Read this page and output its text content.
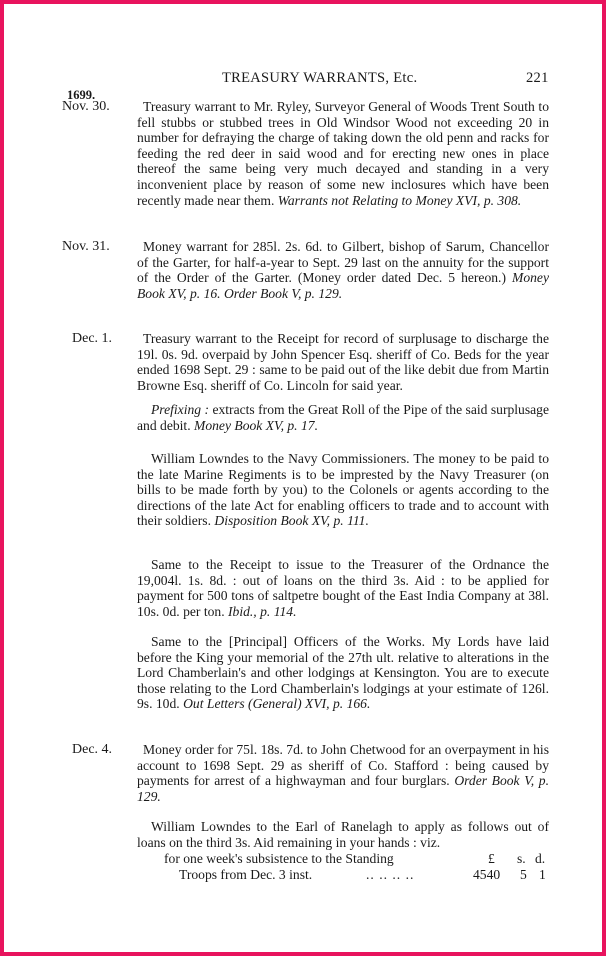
TREASURY WARRANTS, Etc.	221
1699.
Nov. 30.	Treasury warrant to Mr. Ryley, Surveyor General of Woods Trent South to fell stubbs or stubbed trees in Old Windsor Wood not exceeding 20 in number for defraying the charge of taking down the old penn and racks for feeding the red deer in said wood and for erecting new ones in place thereof the same being very much decayed and standing in a very inconvenient place by reason of some new inclosures which have been recently made near them. Warrants not Relating to Money XVI, p. 308.
Nov. 31.	Money warrant for 285l. 2s. 6d. to Gilbert, bishop of Sarum, Chancellor of the Garter, for half-a-year to Sept. 29 last on the annuity for the support of the Order of the Garter. (Money order dated Dec. 5 hereon.) Money Book XV, p. 16. Order Book V, p. 129.
Dec. 1.	Treasury warrant to the Receipt for record of surplusage to discharge the 19l. 0s. 9d. overpaid by John Spencer Esq. sheriff of Co. Beds for the year ended 1698 Sept. 29 : same to be paid out of the like debit due from Martin Browne Esq. sheriff of Co. Lincoln for said year.
Prefixing : extracts from the Great Roll of the Pipe of the said surplusage and debit. Money Book XV, p. 17.
William Lowndes to the Navy Commissioners. The money to be paid to the late Marine Regiments is to be imprested by the Navy Treasurer (on bills to be made forth by you) to the Colonels or agents according to the directions of the late Act for enabling officers to trade and to account with their soldiers. Disposition Book XV, p. 111.
Same to the Receipt to issue to the Treasurer of the Ordnance the 19,004l. 1s. 8d. : out of loans on the third 3s. Aid : to be applied for payment for 500 tons of saltpetre bought of the East India Company at 38l. 10s. 0d. per ton. Ibid., p. 114.
Same to the [Principal] Officers of the Works. My Lords have laid before the King your memorial of the 27th ult. relative to alterations in the Lord Chamberlain's and other lodgings at Kensington. You are to execute those relating to the Lord Chamberlain's lodgings at your estimate of 126l. 9s. 10d. Out Letters (General) XVI, p. 166.
Dec. 4.	Money order for 75l. 18s. 7d. to John Chetwood for an overpayment in his account to 1698 Sept. 29 as sheriff of Co. Stafford : being caused by payments for arrest of a highwayman and four burglars. Order Book V, p. 129.
William Lowndes to the Earl of Ranelagh to apply as follows out of loans on the third 3s. Aid remaining in your hands : viz.
for one week's subsistence to the Standing	£ s. d.
Troops from Dec. 3 inst.	.. .. .. ..	4540 5 1
